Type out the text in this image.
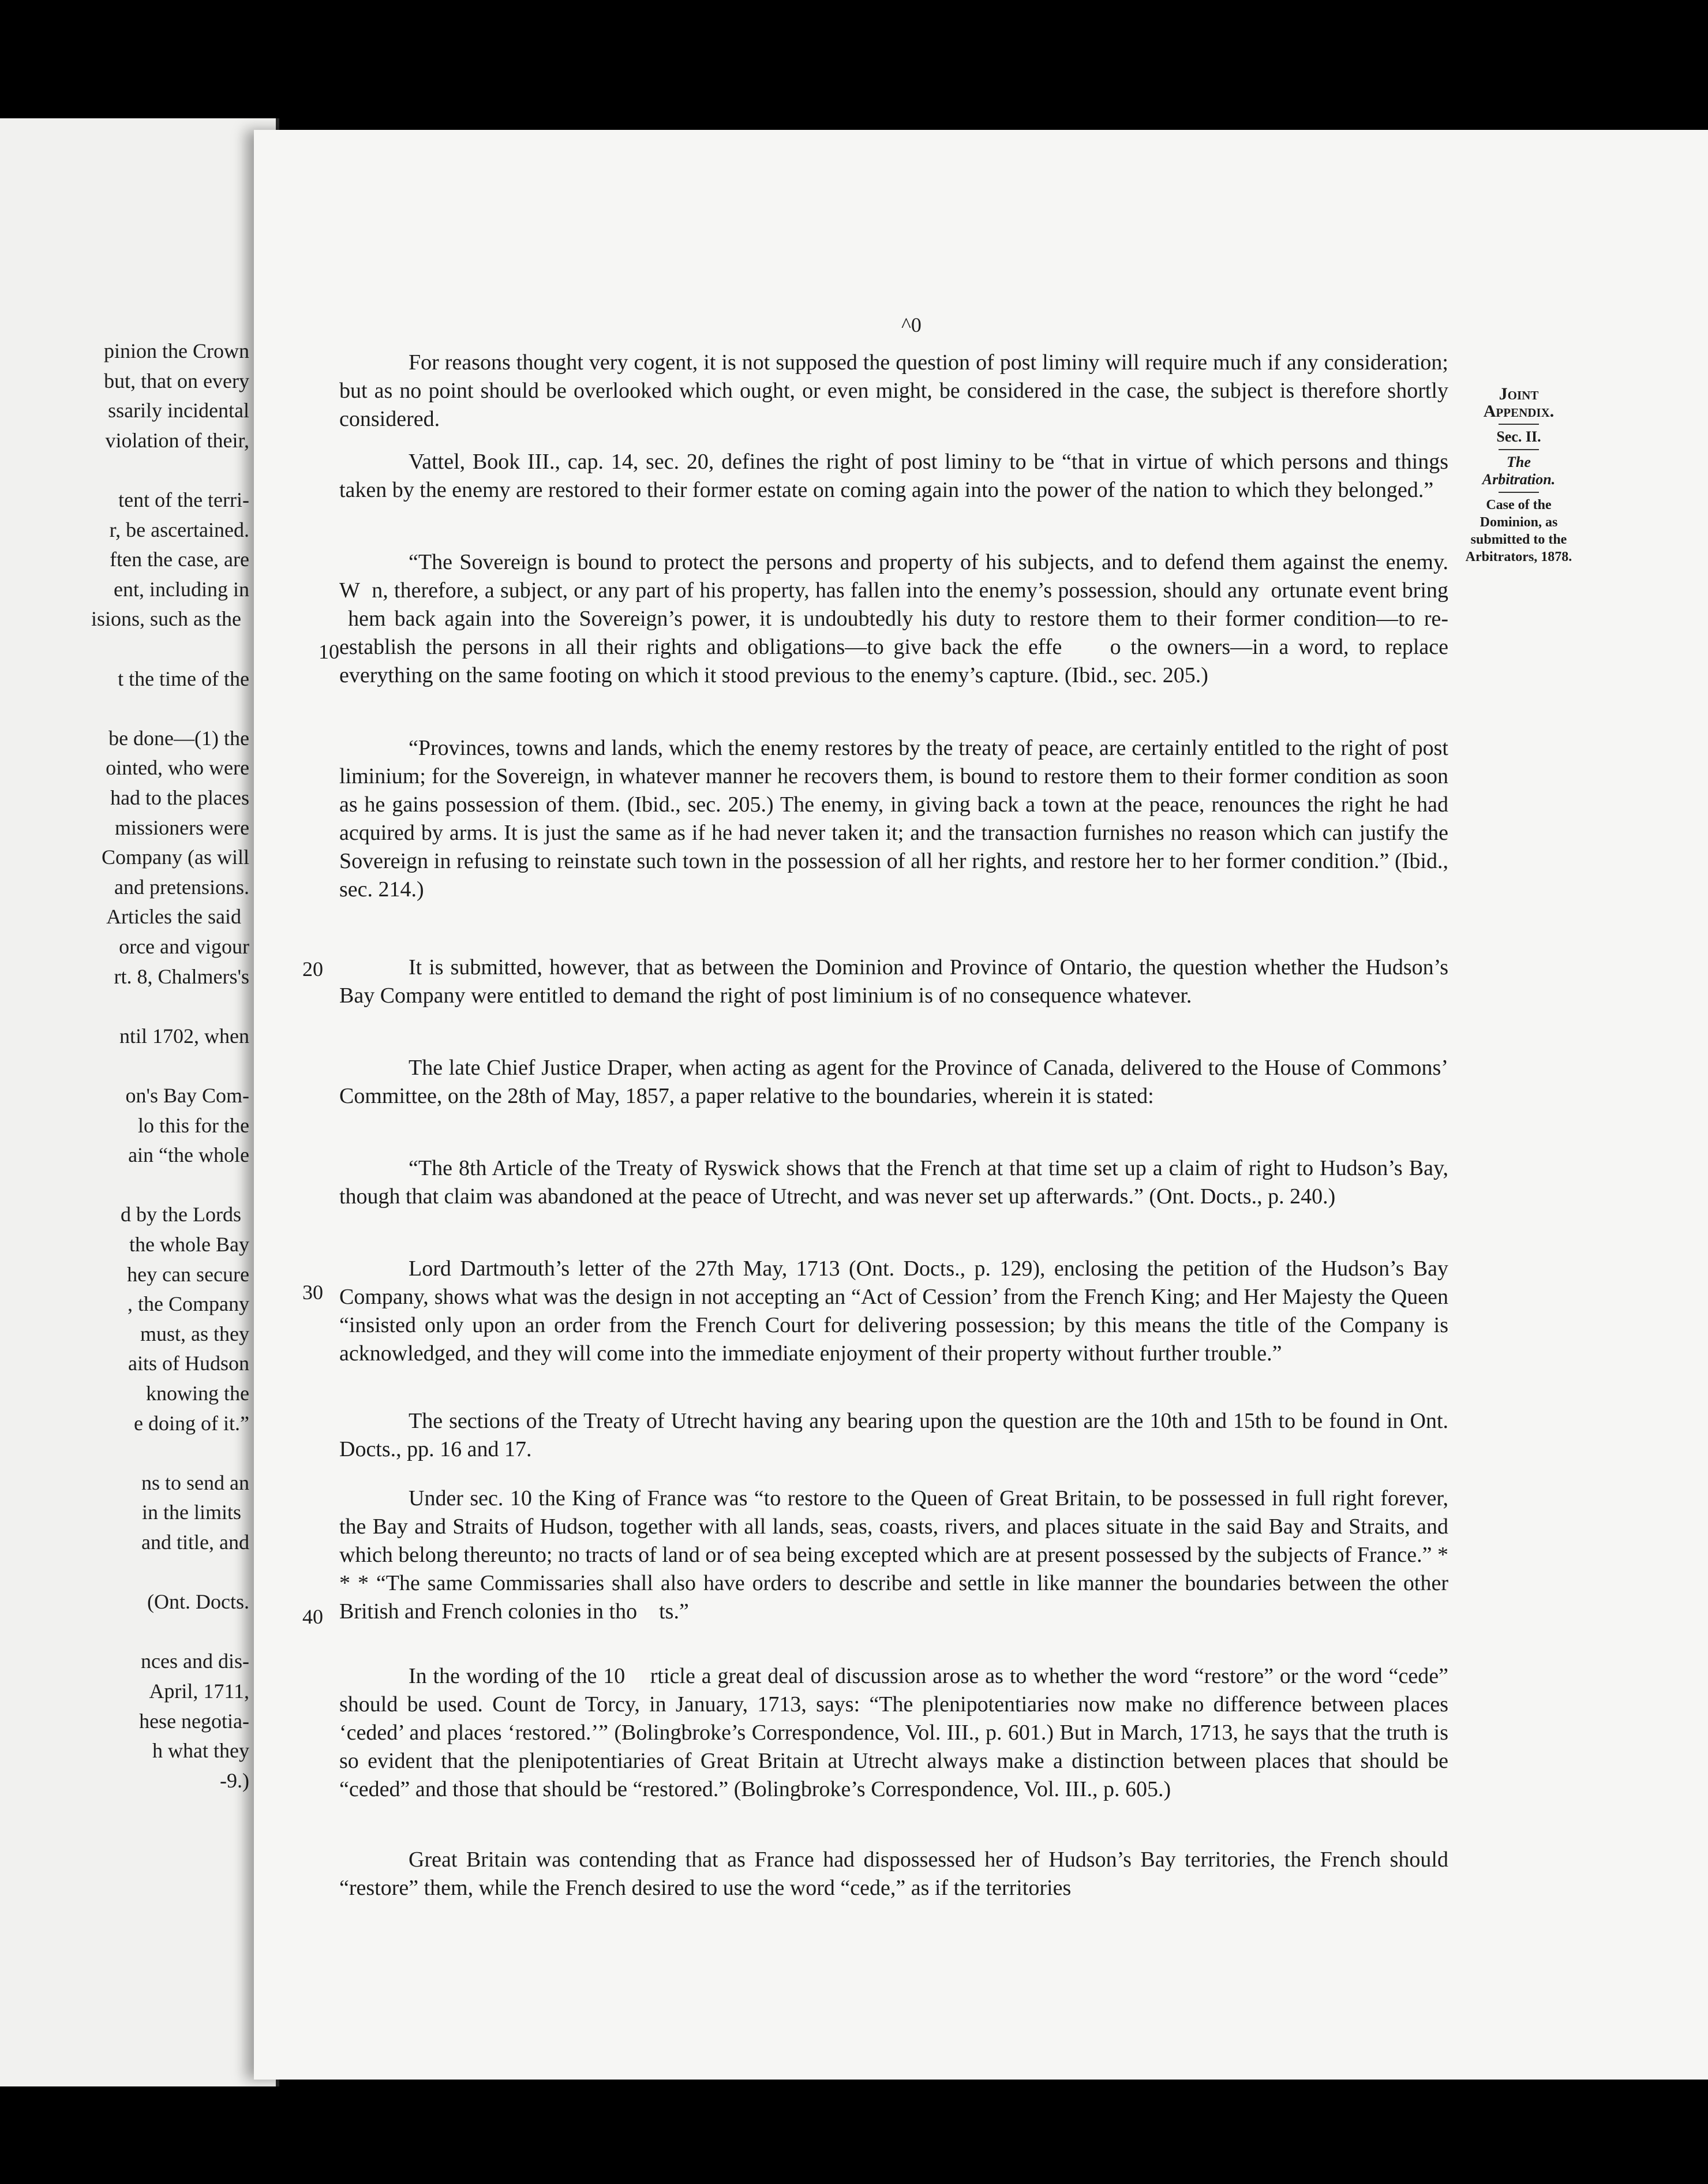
pinion the Crown
but, that on every
ssarily incidental
violation of their,
tent of the terri-
r, be ascertained.
ften the case, are
ent, including in
isions, such as the
t the time of the
be done—(1) the
ointed, who were
had to the places
missioners were
Company (as will
and pretensions.
Articles the said
orce and vigour
rt. 8, Chalmers's
ntil 1702, when
on's Bay Com-
lo this for the
ain “the whole
d by the Lords
the whole Bay
hey can secure
, the Company
must, as they
aits of Hudson
knowing the
e doing of it.”
ns to send an
in the limits
and title, and
(Ont. Docts.
nces and dis-
April, 1711,
hese negotia-
h what they
-9.)
^0
Joint
Appendix.
Sec. II.
The
Arbitration.
Case of the Dominion, as submitted to the Arbitrators, 1878.
10
20
30
40
For reasons thought very cogent, it is not supposed the question of post liminy will require much if any consideration; but as no point should be overlooked which ought, or even might, be considered in the case, the subject is therefore shortly considered.
Vattel, Book III., cap. 14, sec. 20, defines the right of post liminy to be “that in virtue of which persons and things taken by the enemy are restored to their former estate on coming again into the power of the nation to which they belonged.”
“The Sovereign is bound to protect the persons and property of his subjects, and to defend them against the enemy. W  n, therefore, a subject, or any part of his property, has fallen into the enemy’s possession, should any  ortunate event bring  hem back again into the Sovereign’s power, it is undoubtedly his duty to restore them to their former condition—to re-establish the persons in all their rights and obligations—to give back the effe     o the owners—in a word, to replace everything on the same footing on which it stood previous to the enemy’s capture. (Ibid., sec. 205.)
“Provinces, towns and lands, which the enemy restores by the treaty of peace, are certainly entitled to the right of post liminium; for the Sovereign, in whatever manner he recovers them, is bound to restore them to their former condition as soon as he gains possession of them. (Ibid., sec. 205.) The enemy, in giving back a town at the peace, renounces the right he had acquired by arms. It is just the same as if he had never taken it; and the transaction furnishes no reason which can justify the Sovereign in refusing to reinstate such town in the possession of all her rights, and restore her to her former condition.” (Ibid., sec. 214.)
It is submitted, however, that as between the Dominion and Province of Ontario, the question whether the Hudson’s Bay Company were entitled to demand the right of post liminium is of no consequence whatever.
The late Chief Justice Draper, when acting as agent for the Province of Canada, delivered to the House of Commons’ Committee, on the 28th of May, 1857, a paper relative to the boundaries, wherein it is stated:
“The 8th Article of the Treaty of Ryswick shows that the French at that time set up a claim of right to Hudson’s Bay, though that claim was abandoned at the peace of Utrecht, and was never set up afterwards.” (Ont. Docts., p. 240.)
Lord Dartmouth’s letter of the 27th May, 1713 (Ont. Docts., p. 129), enclosing the petition of the Hudson’s Bay Company, shows what was the design in not accepting an “Act of Cession’ from the French King; and Her Majesty the Queen “insisted only upon an order from the French Court for delivering possession; by this means the title of the Company is acknowledged, and they will come into the immediate enjoyment of their property without further trouble.”
The sections of the Treaty of Utrecht having any bearing upon the question are the 10th and 15th to be found in Ont. Docts., pp. 16 and 17.
Under sec. 10 the King of France was “to restore to the Queen of Great Britain, to be possessed in full right forever, the Bay and Straits of Hudson, together with all lands, seas, coasts, rivers, and places situate in the said Bay and Straits, and which belong thereunto; no tracts of land or of sea being excepted which are at present possessed by the subjects of France.” * * * “The same Commissaries shall also have orders to describe and settle in like manner the boundaries between the other British and French colonies in tho    ts.”
In the wording of the 10    rticle a great deal of discussion arose as to whether the word “restore” or the word “cede” should be used. Count de Torcy, in January, 1713, says: “The plenipotentiaries now make no difference between places ‘ceded’ and places ‘restored.’” (Bolingbroke’s Correspondence, Vol. III., p. 601.) But in March, 1713, he says that the truth is so evident that the plenipotentiaries of Great Britain at Utrecht always make a distinction between places that should be “ceded” and those that should be “restored.” (Bolingbroke’s Correspondence, Vol. III., p. 605.)
Great Britain was contending that as France had dispossessed her of Hudson’s Bay territories, the French should “restore” them, while the French desired to use the word “cede,” as if the territories
